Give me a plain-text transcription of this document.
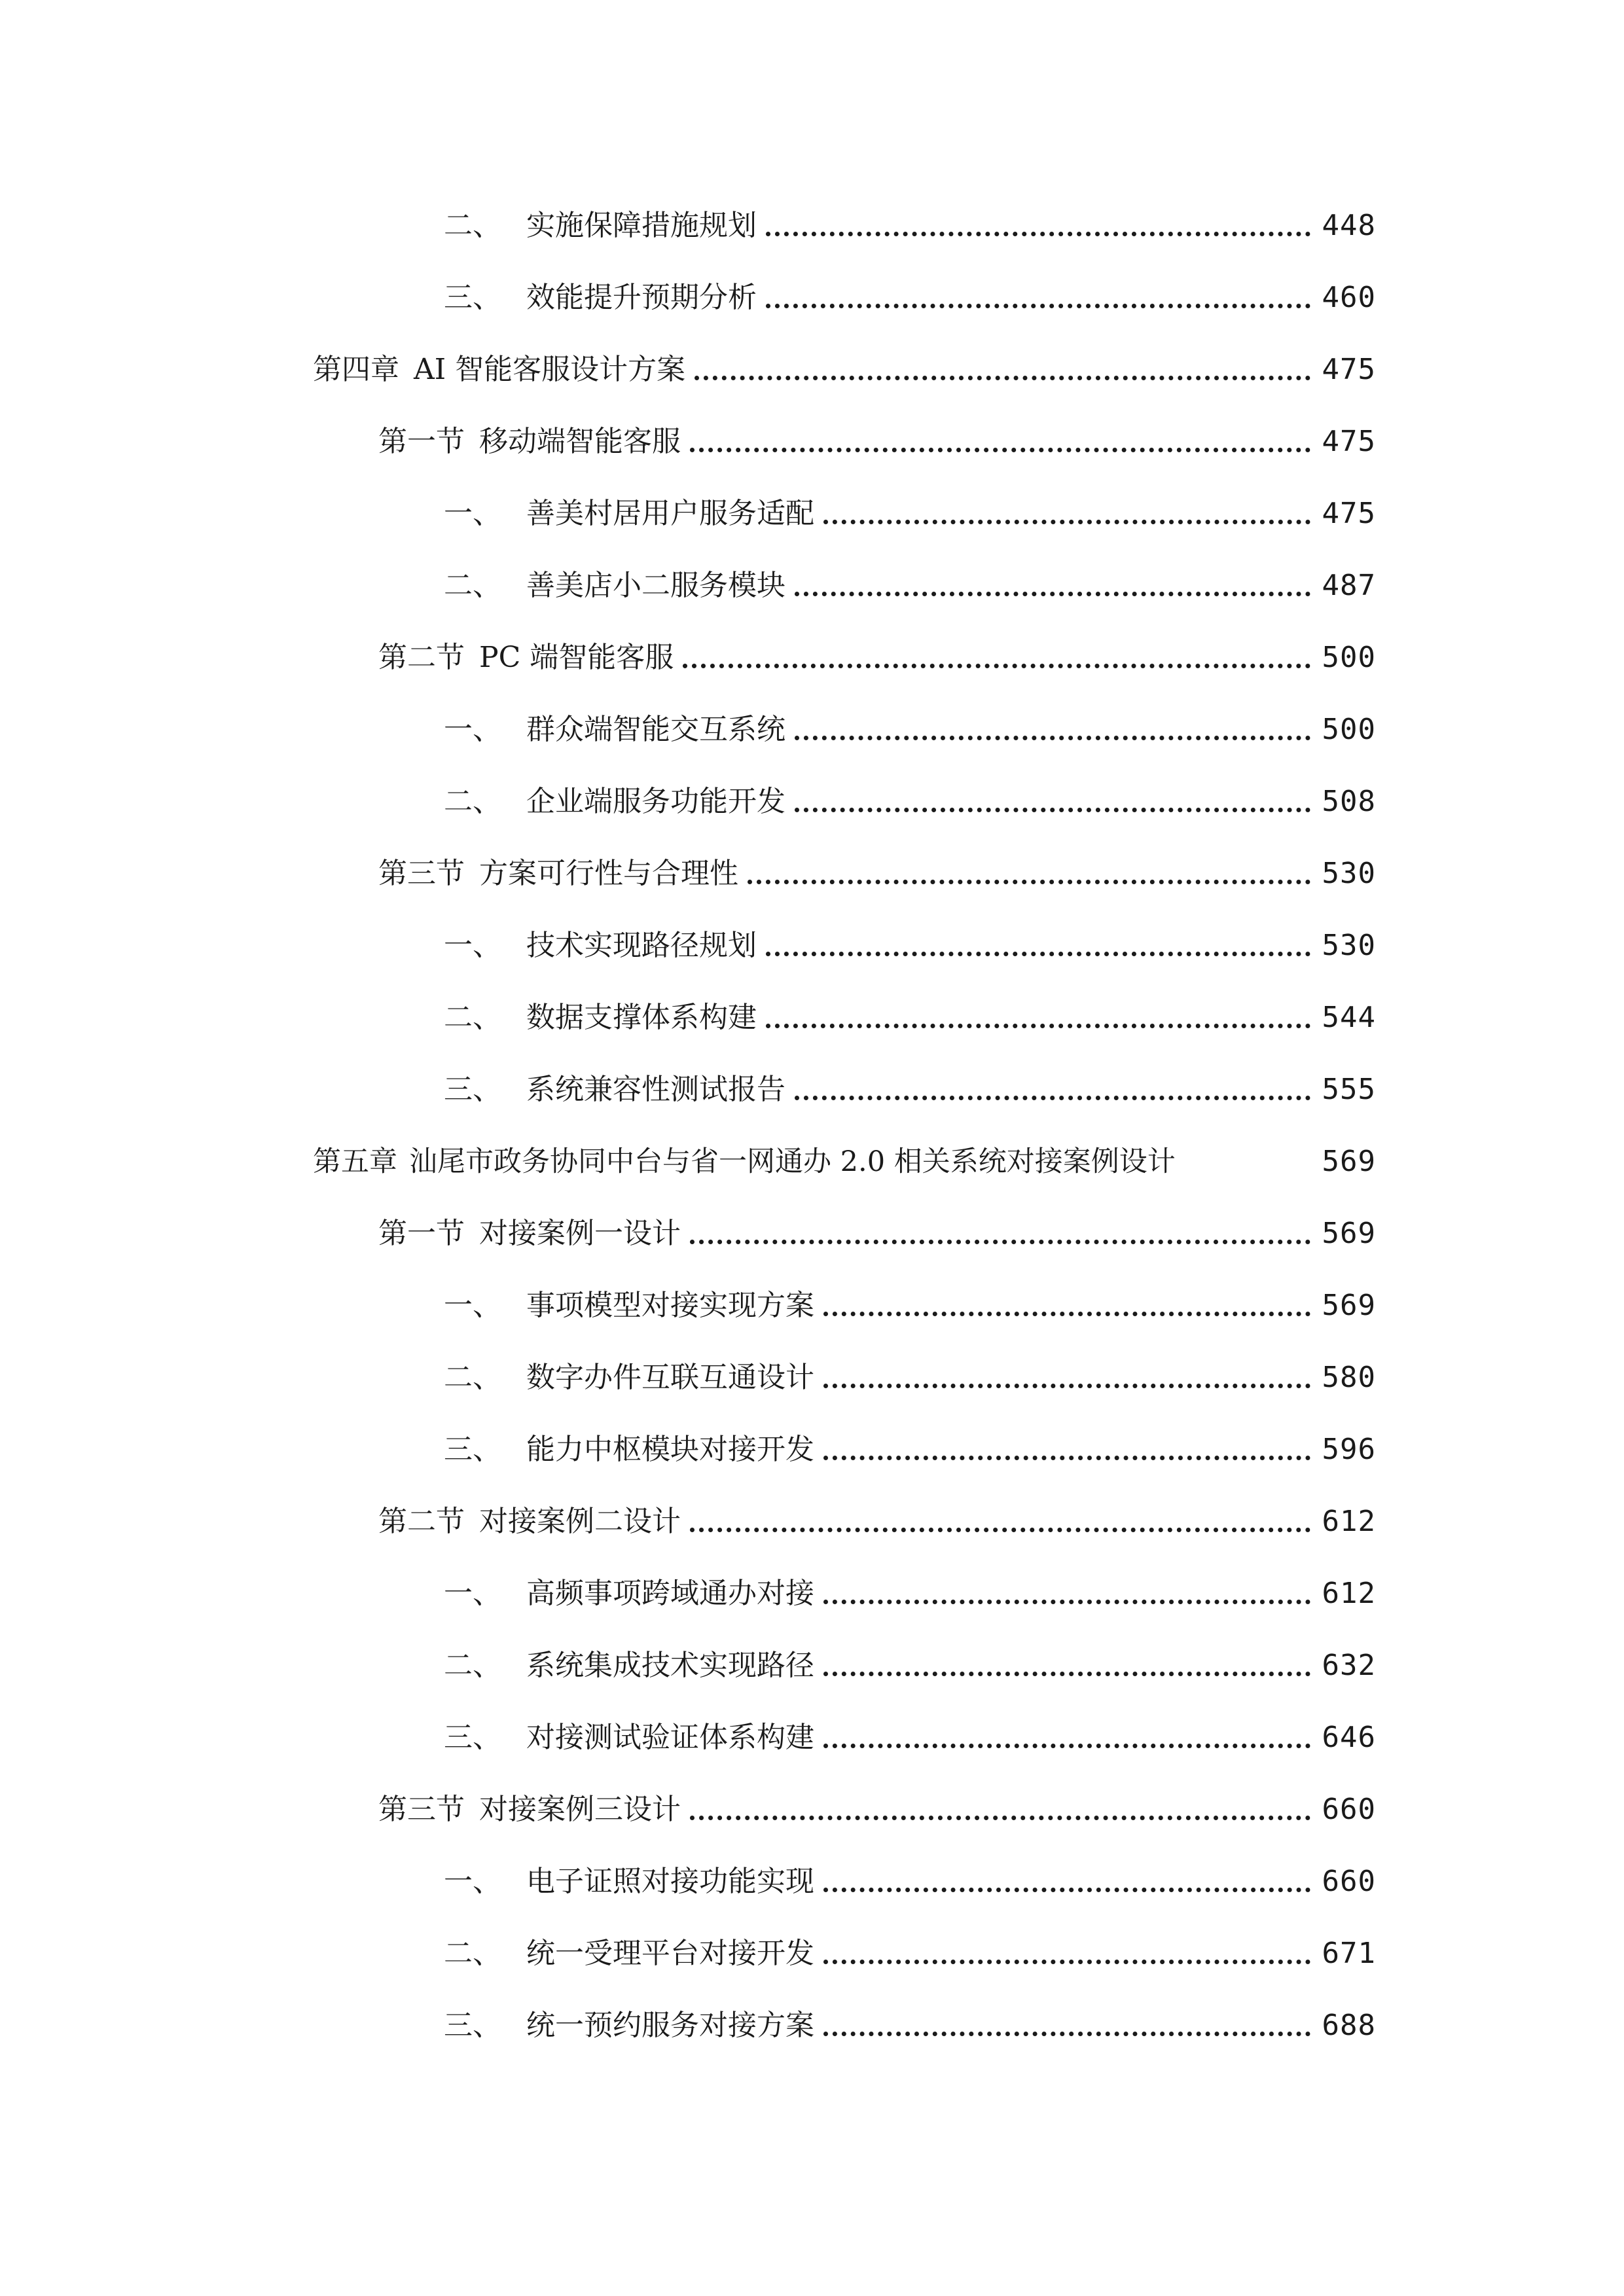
二、 实施保障措施规划	448
三、 效能提升预期分析	460
第四章 AI 智能客服设计方案	475
第一节 移动端智能客服	475
一、 善美村居用户服务适配	475
二、 善美店小二服务模块	487
第二节 PC 端智能客服	500
一、 群众端智能交互系统	500
二、 企业端服务功能开发	508
第三节 方案可行性与合理性	530
一、 技术实现路径规划	530
二、 数据支撑体系构建	544
三、 系统兼容性测试报告	555
第五章 汕尾市政务协同中台与省一网通办 2.0 相关系统对接案例设计	569
第一节 对接案例一设计	569
一、 事项模型对接实现方案	569
二、 数字办件互联互通设计	580
三、 能力中枢模块对接开发	596
第二节 对接案例二设计	612
一、 高频事项跨域通办对接	612
二、 系统集成技术实现路径	632
三、 对接测试验证体系构建	646
第三节 对接案例三设计	660
一、 电子证照对接功能实现	660
二、 统一受理平台对接开发	671
三、 统一预约服务对接方案	688
